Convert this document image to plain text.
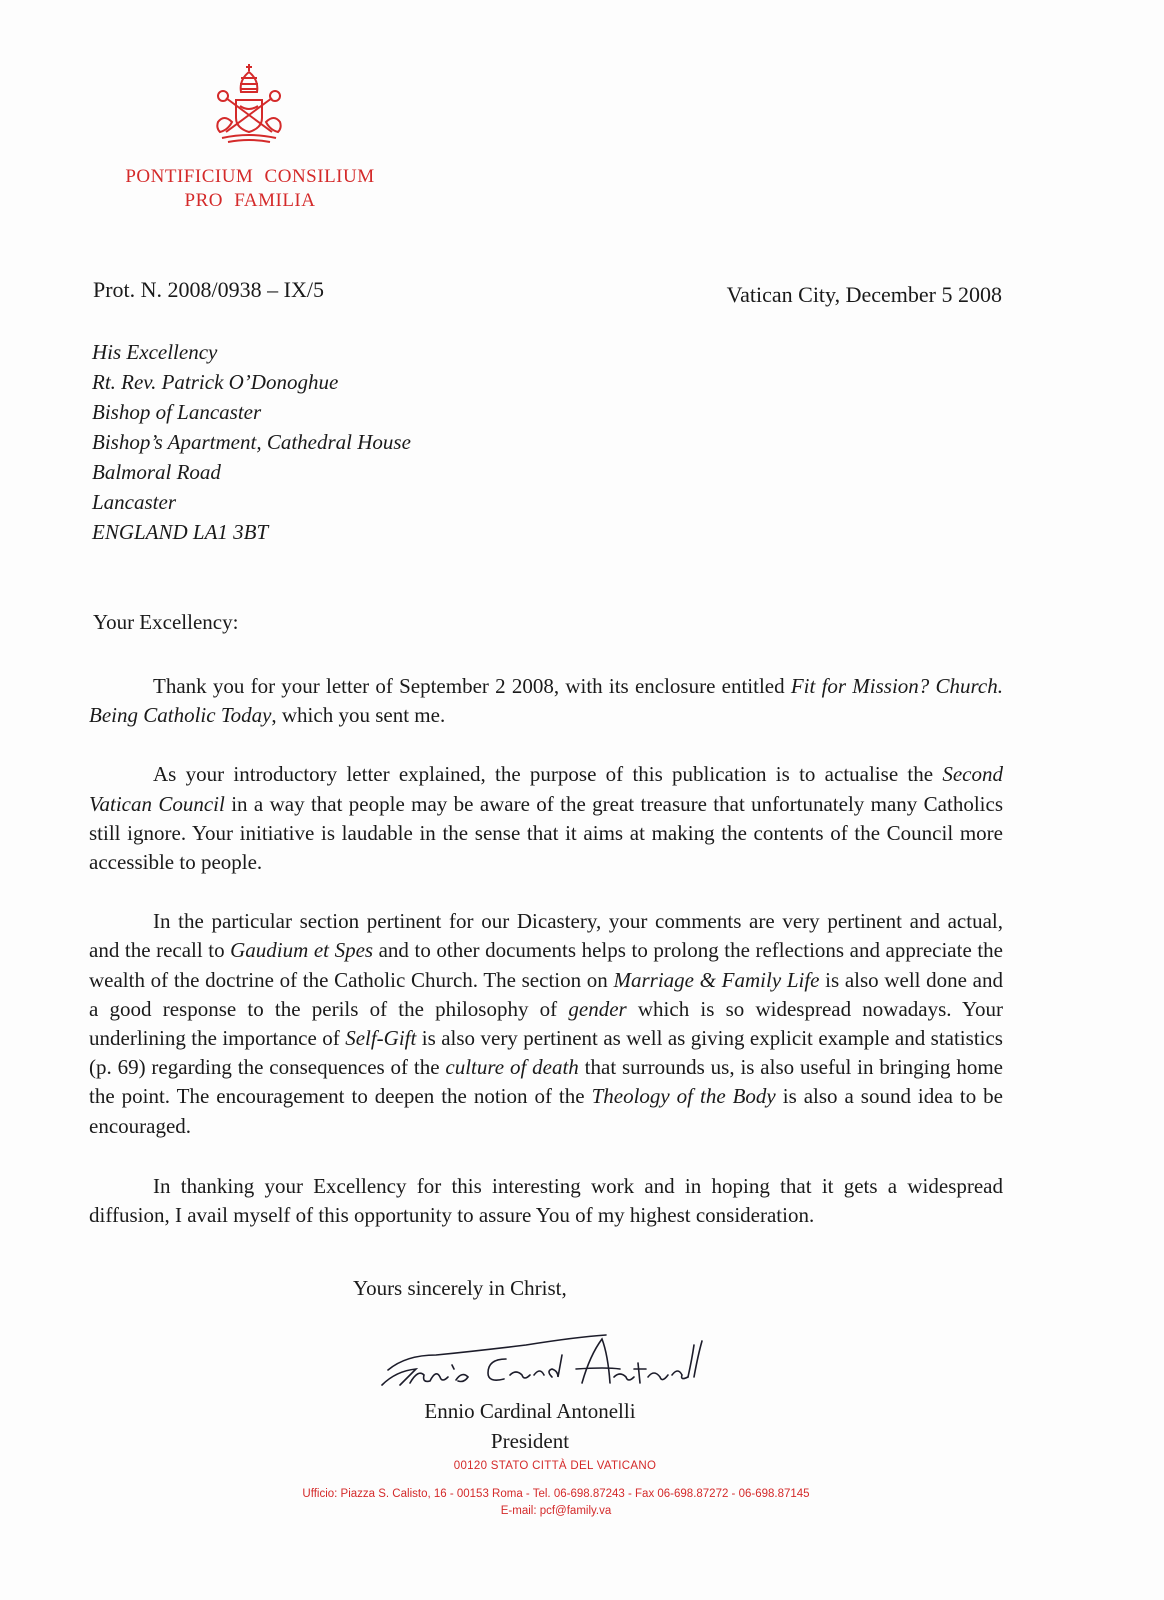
PONTIFICIUM CONSILIUM
PRO FAMILIA
Prot. N. 2008/0938 – IX/5	Vatican City, December 5 2008
His Excellency
Rt. Rev. Patrick O’Donoghue
Bishop of Lancaster
Bishop’s Apartment, Cathedral House
Balmoral Road
Lancaster
ENGLAND LA1 3BT
Your Excellency:

Thank you for your letter of September 2 2008, with its enclosure entitled Fit for Mission? Church. Being Catholic Today, which you sent me.

As your introductory letter explained, the purpose of this publication is to actualise the Second Vatican Council in a way that people may be aware of the great treasure that unfortunately many Catholics still ignore. Your initiative is laudable in the sense that it aims at making the contents of the Council more accessible to people.

In the particular section pertinent for our Dicastery, your comments are very pertinent and actual, and the recall to Gaudium et Spes and to other documents helps to prolong the reflections and appreciate the wealth of the doctrine of the Catholic Church. The section on Marriage & Family Life is also well done and a good response to the perils of the philosophy of gender which is so widespread nowadays. Your underlining the importance of Self-Gift is also very pertinent as well as giving explicit example and statistics (p. 69) regarding the consequences of the culture of death that surrounds us, is also useful in bringing home the point. The encouragement to deepen the notion of the Theology of the Body is also a sound idea to be encouraged.

In thanking your Excellency for this interesting work and in hoping that it gets a widespread diffusion, I avail myself of this opportunity to assure You of my highest consideration.

Yours sincerely in Christ,
Ennio Cardinal Antonelli
President
00120 STATO CITTÀ DEL VATICANO
Ufficio: Piazza S. Calisto, 16 - 00153 Roma - Tel. 06-698.87243 - Fax 06-698.87272 - 06-698.87145
E-mail: pcf@family.va
